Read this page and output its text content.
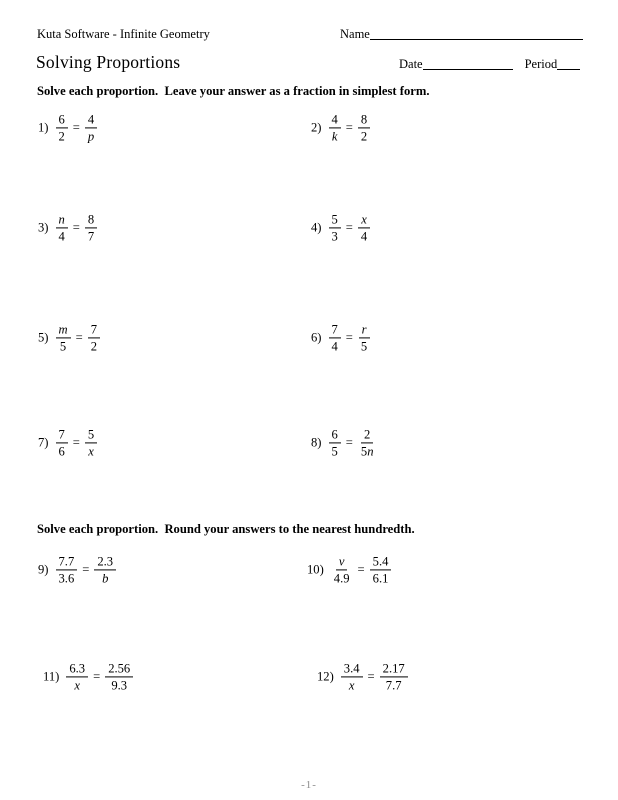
Kuta Software - Infinite Geometry	Name
Solving Proportions	Date	Period
Solve each proportion.  Leave your answer as a fraction in simplest form.
Solve each proportion.  Round your answers to the nearest hundredth.
$1) \frac{6}{2} = \frac{4}{p}$	$2) \frac{4}{k} = \frac{8}{2}$
$3) \frac{n}{4} = \frac{8}{7}$	$4) \frac{5}{3} = \frac{x}{4}$
$5) \frac{m}{5} = \frac{7}{2}$	$6) \frac{7}{4} = \frac{r}{5}$
$7) \frac{7}{6} = \frac{5}{x}$	$8) \frac{6}{5} = \frac{2}{5n}$
$9) \frac{7.7}{3.6} = \frac{2.3}{b}$	$10) \frac{v}{4.9} = \frac{5.4}{6.1}$
$11) \frac{6.3}{x} = \frac{2.56}{9.3}$	$12) \frac{3.4}{x} = \frac{2.17}{7.7}$
-1-
